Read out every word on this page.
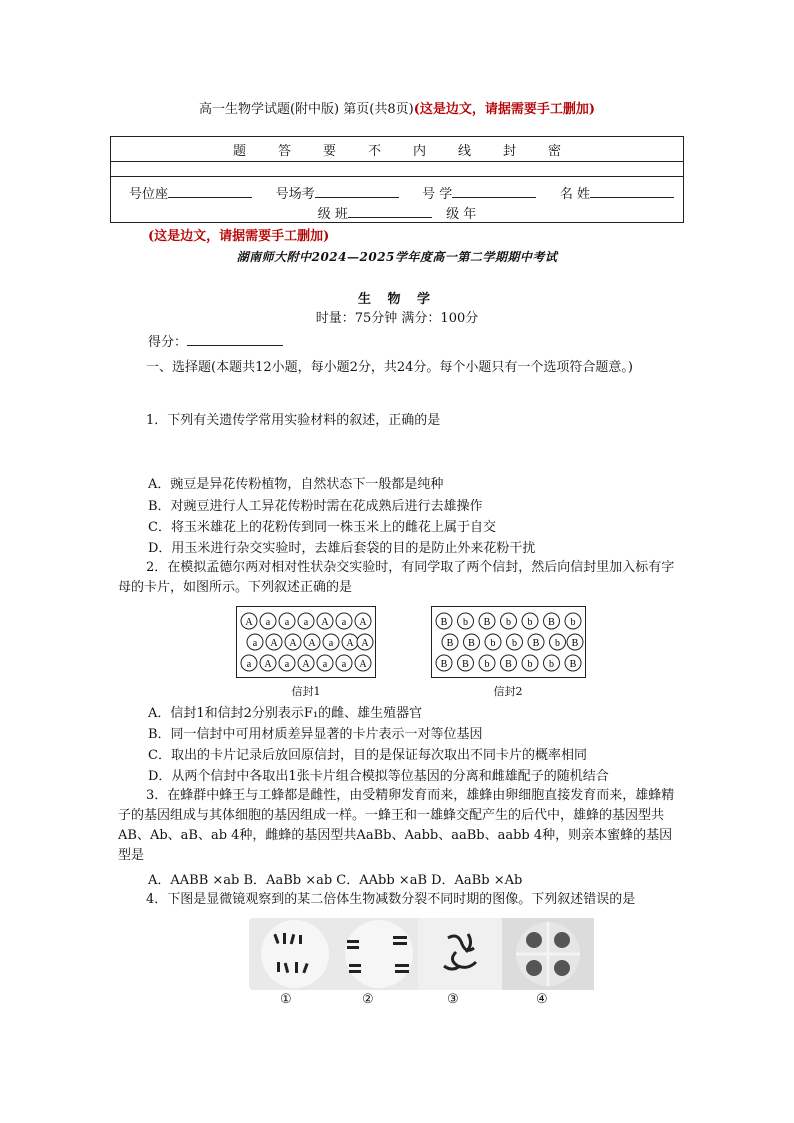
高一生物学试题(附中版) 第页(共8页)(这是边文，请据需要手工删加)
题 答 要 不 内 线 封 密
号位座	号场考	号 学	名 姓
级 班	级 年
(这是边文，请据需要手工删加)
湖南师大附中2024—2025学年度高一第二学期期中考试
生 物 学
时量：75分钟 满分：100分
得分：
一、选择题(本题共12小题，每小题2分，共24分。每个小题只有一个选项符合题意。)
1．下列有关遗传学常用实验材料的叙述，正确的是
A．豌豆是异花传粉植物，自然状态下一般都是纯种
B．对豌豆进行人工异花传粉时需在花成熟后进行去雄操作
C．将玉米雄花上的花粉传到同一株玉米上的雌花上属于自交
D．用玉米进行杂交实验时，去雄后套袋的目的是防止外来花粉干扰
2．在模拟孟德尔两对相对性状杂交实验时，有同学取了两个信封，然后向信封里加入标有字母的卡片，如图所示。下列叙述正确的是
A a a a A a A
a A A A a A A
a A a A a a A
信封1
B b B b b B b
B B b b B b B
B B b B b b B
信封2
A．信封1和信封2分别表示F₁的雌、雄生殖器官
B．同一信封中可用材质差异显著的卡片表示一对等位基因
C．取出的卡片记录后放回原信封，目的是保证每次取出不同卡片的概率相同
D．从两个信封中各取出1张卡片组合模拟等位基因的分离和雌雄配子的随机结合
3．在蜂群中蜂王与工蜂都是雌性，由受精卵发育而来，雄蜂由卵细胞直接发育而来，雄蜂精子的基因组成与其体细胞的基因组成一样。一蜂王和一雄蜂交配产生的后代中，雄蜂的基因型共AB、Ab、aB、ab 4种，雌蜂的基因型共AaBb、Aabb、aaBb、aabb 4种，则亲本蜜蜂的基因型是
A．AABB ×ab B．AaBb ×ab C．AAbb ×aB D．AaBb ×Ab
4．下图是显微镜观察到的某二倍体生物减数分裂不同时期的图像。下列叙述错误的是
①	②	③	④
